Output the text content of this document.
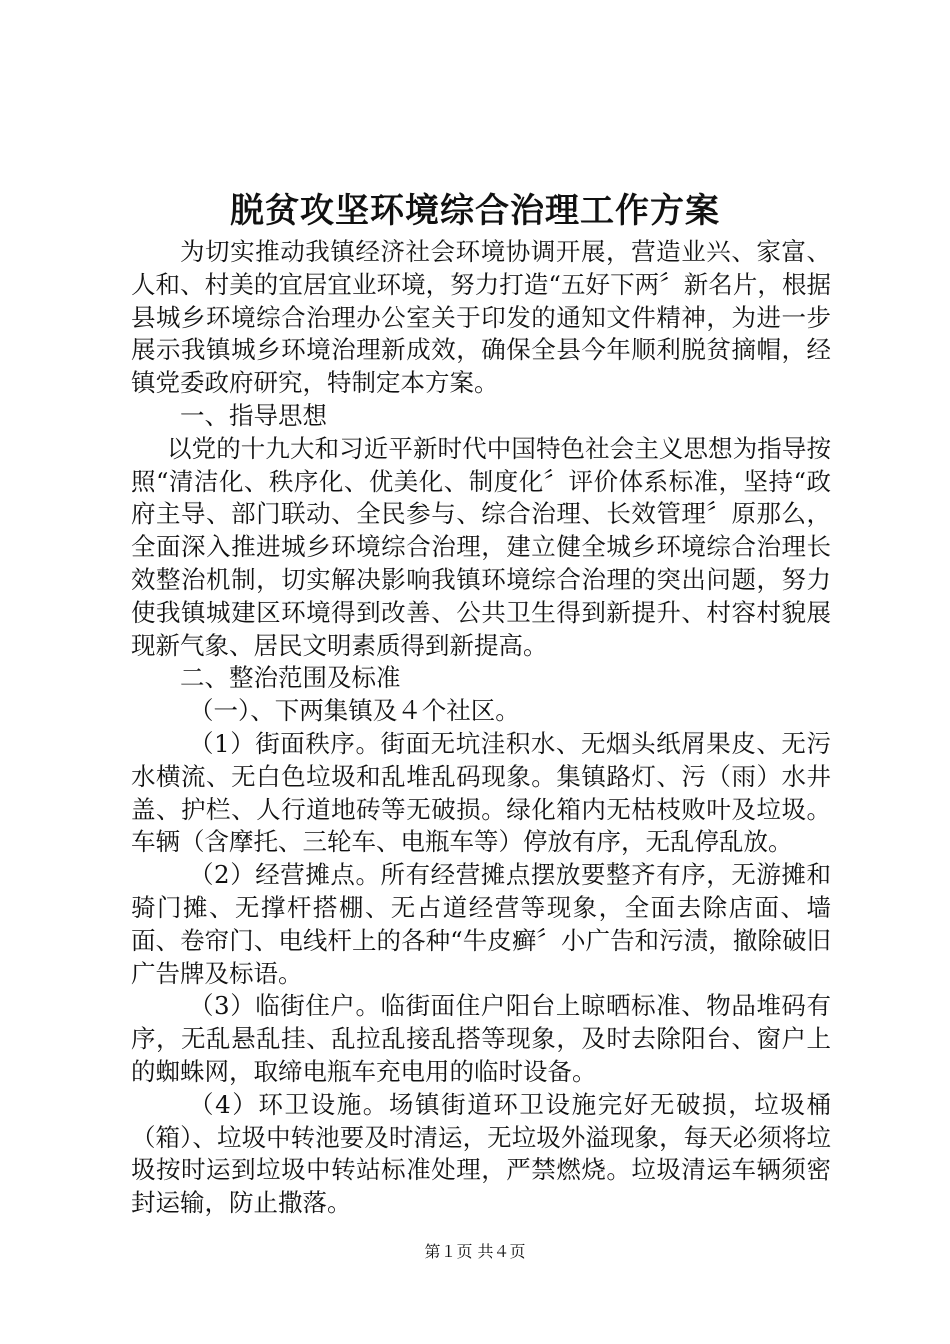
脱贫攻坚环境综合治理工作方案

为切实推动我镇经济社会环境协调开展，营造业兴、家富、人和、村美的宜居宜业环境，努力打造“五好下两〞新名片，根据县城乡环境综合治理办公室关于印发的通知文件精神，为进一步展示我镇城乡环境治理新成效，确保全县今年顺利脱贫摘帽，经镇党委政府研究，特制定本方案。

一、指导思想

以党的十九大和习近平新时代中国特色社会主义思想为指导按照“清洁化、秩序化、优美化、制度化〞评价体系标准，坚持“政府主导、部门联动、全民参与、综合治理、长效管理〞原那么，全面深入推进城乡环境综合治理，建立健全城乡环境综合治理长效整治机制，切实解决影响我镇环境综合治理的突出问题，努力使我镇城建区环境得到改善、公共卫生得到新提升、村容村貌展现新气象、居民文明素质得到新提高。

二、整治范围及标准

（一）、下两集镇及４个社区。

（1）街面秩序。街面无坑洼积水、无烟头纸屑果皮、无污水横流、无白色垃圾和乱堆乱码现象。集镇路灯、污（雨）水井盖、护栏、人行道地砖等无破损。绿化箱内无枯枝败叶及垃圾。车辆（含摩托、三轮车、电瓶车等）停放有序，无乱停乱放。

（2）经营摊点。所有经营摊点摆放要整齐有序，无游摊和骑门摊、无撑杆搭棚、无占道经营等现象，全面去除店面、墙面、卷帘门、电线杆上的各种“牛皮癣〞小广告和污渍，撤除破旧广告牌及标语。

（3）临街住户。临街面住户阳台上晾晒标准、物品堆码有序，无乱悬乱挂、乱拉乱接乱搭等现象，及时去除阳台、窗户上的蜘蛛网，取缔电瓶车充电用的临时设备。

（4）环卫设施。场镇街道环卫设施完好无破损，垃圾桶（箱）、垃圾中转池要及时清运，无垃圾外溢现象，每天必须将垃圾按时运到垃圾中转站标准处理，严禁燃烧。垃圾清运车辆须密封运输，防止撒落。

第１页 共４页
